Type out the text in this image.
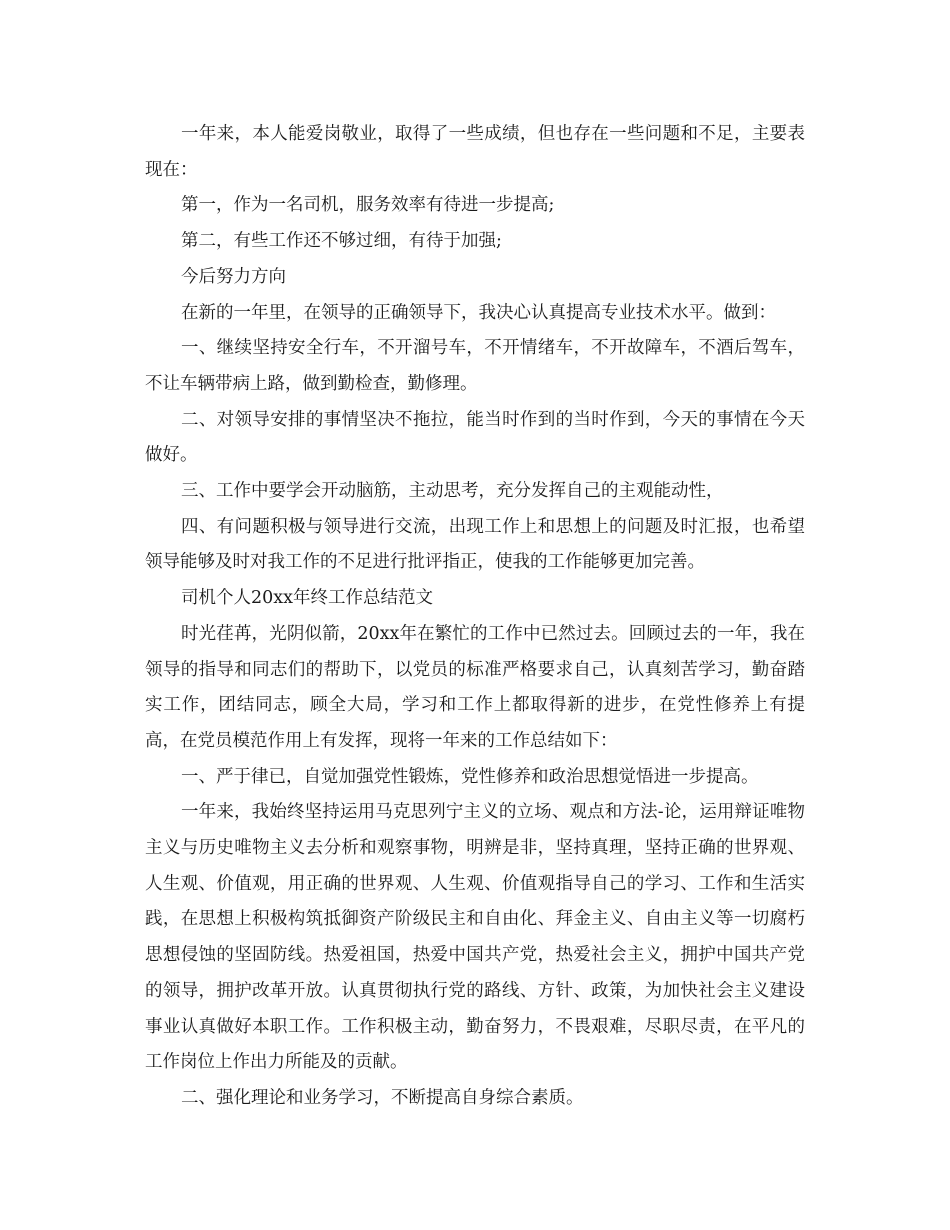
一年来，本人能爱岗敬业，取得了一些成绩，但也存在一些问题和不足，主要表现在：

第一，作为一名司机，服务效率有待进一步提高;

第二，有些工作还不够过细，有待于加强;

今后努力方向

在新的一年里，在领导的正确领导下，我决心认真提高专业技术水平。做到：

一、继续坚持安全行车，不开溜号车，不开情绪车，不开故障车，不酒后驾车，不让车辆带病上路，做到勤检查，勤修理。

二、对领导安排的事情坚决不拖拉，能当时作到的当时作到，今天的事情在今天做好。

三、工作中要学会开动脑筋，主动思考，充分发挥自己的主观能动性，

四、有问题积极与领导进行交流，出现工作上和思想上的问题及时汇报，也希望领导能够及时对我工作的不足进行批评指正，使我的工作能够更加完善。

司机个人20xx年终工作总结范文

时光荏苒，光阴似箭，20xx年在繁忙的工作中已然过去。回顾过去的一年，我在领导的指导和同志们的帮助下，以党员的标准严格要求自己，认真刻苦学习，勤奋踏实工作，团结同志，顾全大局，学习和工作上都取得新的进步，在党性修养上有提高，在党员模范作用上有发挥，现将一年来的工作总结如下：

一、严于律已，自觉加强党性锻炼，党性修养和政治思想觉悟进一步提高。

一年来，我始终坚持运用马克思列宁主义的立场、观点和方法-论，运用辩证唯物主义与历史唯物主义去分析和观察事物，明辨是非，坚持真理，坚持正确的世界观、人生观、价值观，用正确的世界观、人生观、价值观指导自己的学习、工作和生活实践，在思想上积极构筑抵御资产阶级民主和自由化、拜金主义、自由主义等一切腐朽思想侵蚀的坚固防线。热爱祖国，热爱中国共产党，热爱社会主义，拥护中国共产党的领导，拥护改革开放。认真贯彻执行党的路线、方针、政策，为加快社会主义建设事业认真做好本职工作。工作积极主动，勤奋努力，不畏艰难，尽职尽责，在平凡的工作岗位上作出力所能及的贡献。

二、强化理论和业务学习，不断提高自身综合素质。
